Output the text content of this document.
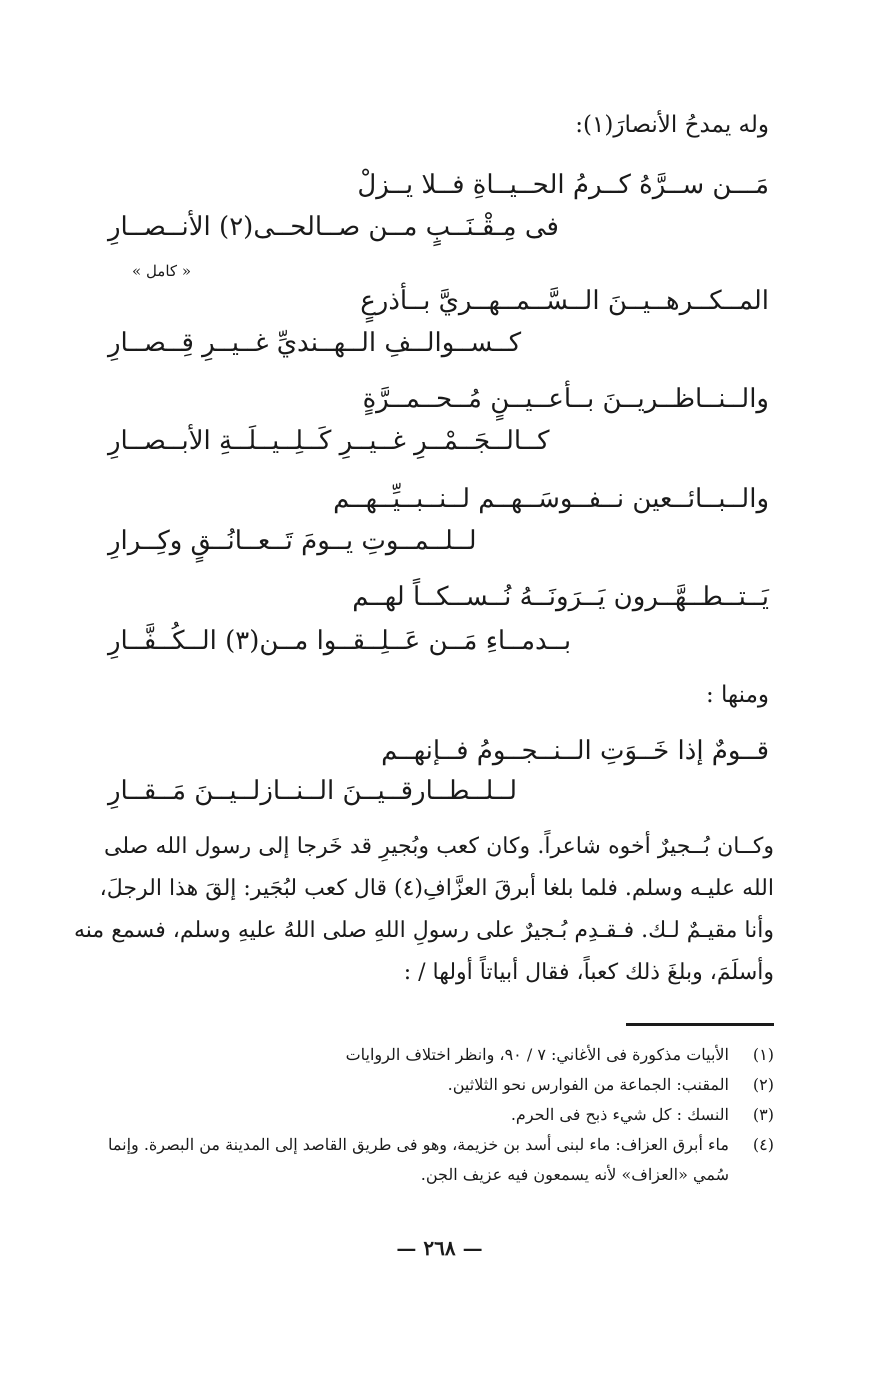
وله يمدحُ الأنصارَ(١):
مَـــن ســرَّهُ كــرمُ الحــيــاةِ فــلا يــزلْ
فى مِـقْـنَــبٍ مــن صــالحــى(٢) الأنــصــارِ
« كامل »
المــكــرهــيــنَ الــسَّــمــهــريَّ بــأذرعٍ
كــســوالــفِ الــهــنديِّ غــيــرِ قِــصــارِ
والــنــاظــريــنَ بــأعــيــنٍ مُــحــمــرَّةٍ
كــالــجَــمْــرِ غــيــرِ كَــلِــيــلَــةِ الأبــصــارِ
والــبــائــعين نــفــوسَــهــم لــنــبــيِّــهــم
لــلــمــوتِ يــومَ تَــعــانُــقٍ وكِــرارِ
يَــتــطــهَّــرون يَــرَونَــهُ نُــســكــاً لهــم
بــدمــاءِ مَــن عَــلِــقــوا مــن(٣) الــكُــفَّــارِ
ومنها :
قــومٌ إذا خَــوَتِ الــنــجــومُ فــإنهــم
لــلــطــارقــيــنَ الــنــازلــيــنَ مَــقــارِ
وكــان بُــجيرٌ أخوه شاعراً. وكان كعب وبُجيرِ قد خَرجا إلى رسول الله صلى
الله عليـه وسلم. فلما بلغا أبرقَ العزَّافِ(٤) قال كعب لبُجَير: إلقَ هذا الرجلَ،
وأنا مقيـمٌ لـك. فـقـدِم بُـجيرٌ على رسولِ اللهِ صلى اللهُ عليهِ وسلم، فسمع منه
وأسلَمَ، وبلغَ ذلك كعباً، فقال أبياتاً أولها / :
(١)
الأبيات مذكورة فى الأغاني: ٧ / ٩٠، وانظر اختلاف الروايات
(٢)
المقنب: الجماعة من الفوارس نحو الثلاثين.
(٣)
النسك : كل شيء ذبح فى الحرم.
(٤)
ماء أبرق العزاف: ماء لبنى أسد بن خزيمة، وهو فى طريق القاصد إلى المدينة من البصرة. وإنما
سُمي «العزاف» لأنه يسمعون فيه عزيف الجن.
— ٢٦٨ —
